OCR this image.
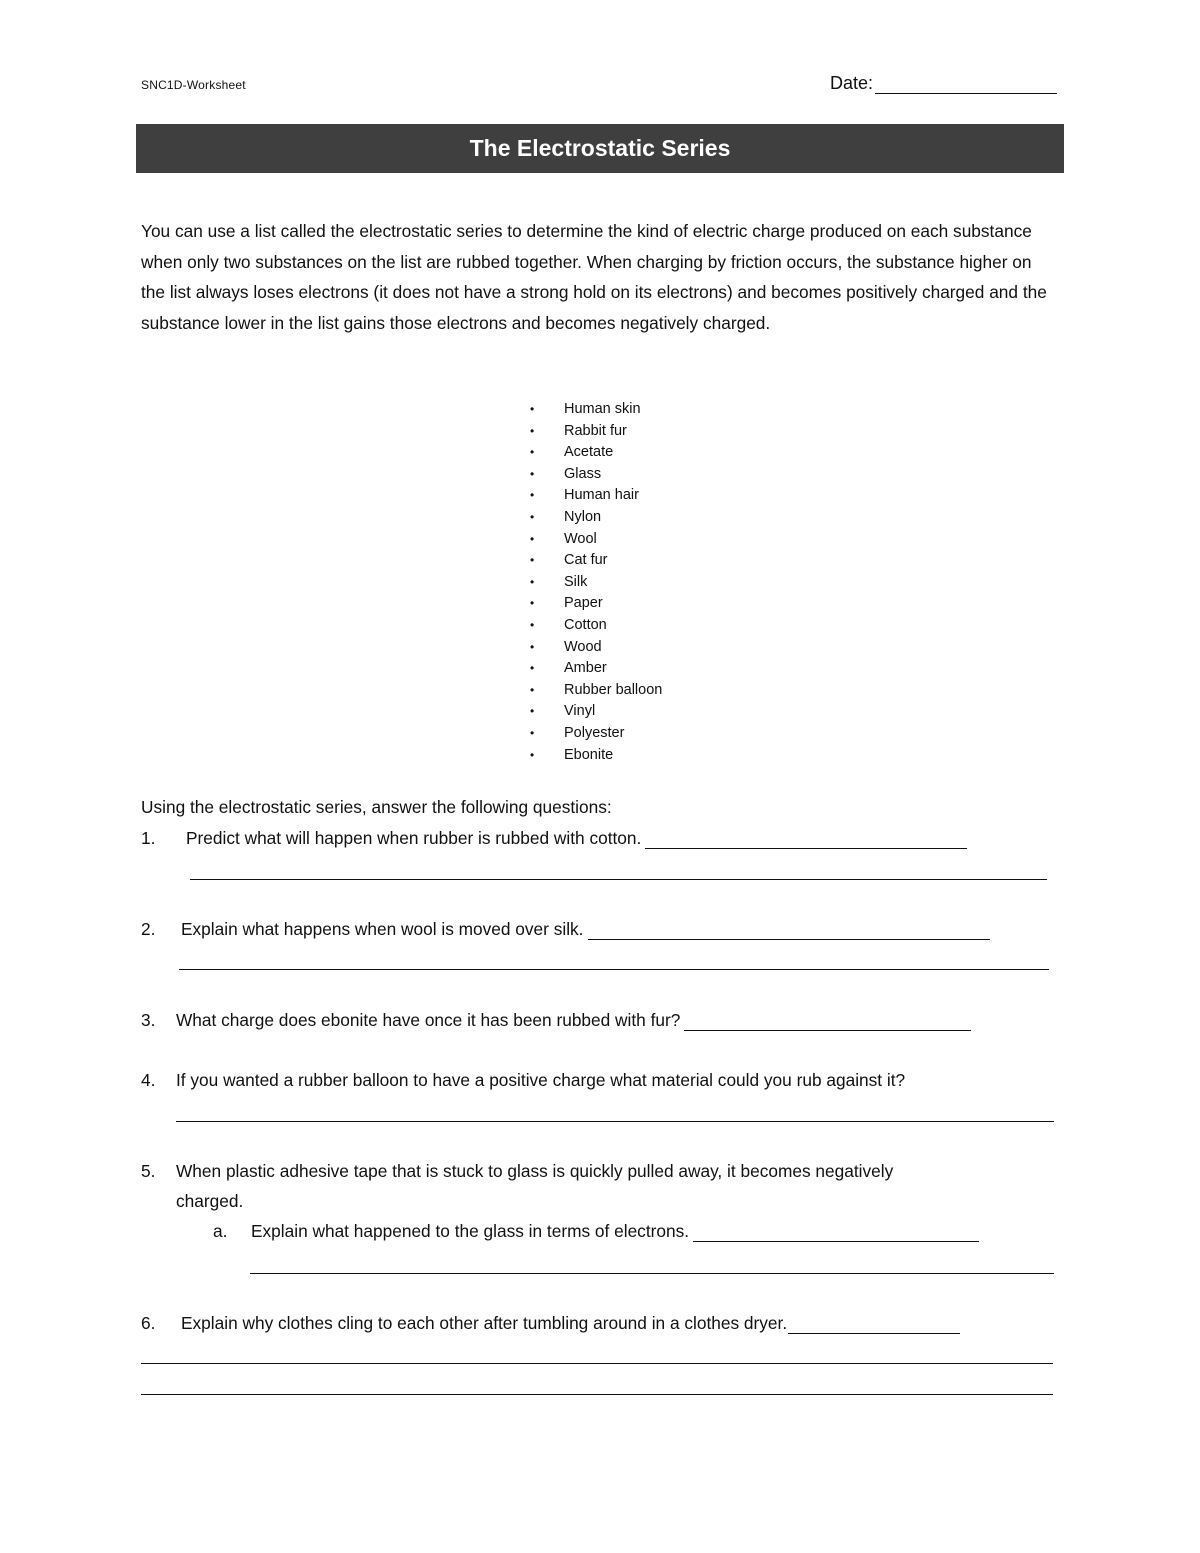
SNC1D-Worksheet	Date:
The Electrostatic Series

You can use a list called the electrostatic series to determine the kind of electric charge produced on each substance when only two substances on the list are rubbed together. When charging by friction occurs, the substance higher on the list always loses electrons (it does not have a strong hold on its electrons) and becomes positively charged and the substance lower in the list gains those electrons and becomes negatively charged.

•	Human skin
•	Rabbit fur
•	Acetate
•	Glass
•	Human hair
•	Nylon
•	Wool
•	Cat fur
•	Silk
•	Paper
•	Cotton
•	Wood
•	Amber
•	Rubber balloon
•	Vinyl
•	Polyester
•	Ebonite
Using the electrostatic series, answer the following questions:
1.	Predict what will happen when rubber is rubbed with cotton.
2.	Explain what happens when wool is moved over silk.
3.	What charge does ebonite have once it has been rubbed with fur?
4.	If you wanted a rubber balloon to have a positive charge what material could you rub against it?
5.	When plastic adhesive tape that is stuck to glass is quickly pulled away, it becomes negatively
charged.
a.	Explain what happened to the glass in terms of electrons.
6.	Explain why clothes cling to each other after tumbling around in a clothes dryer.
